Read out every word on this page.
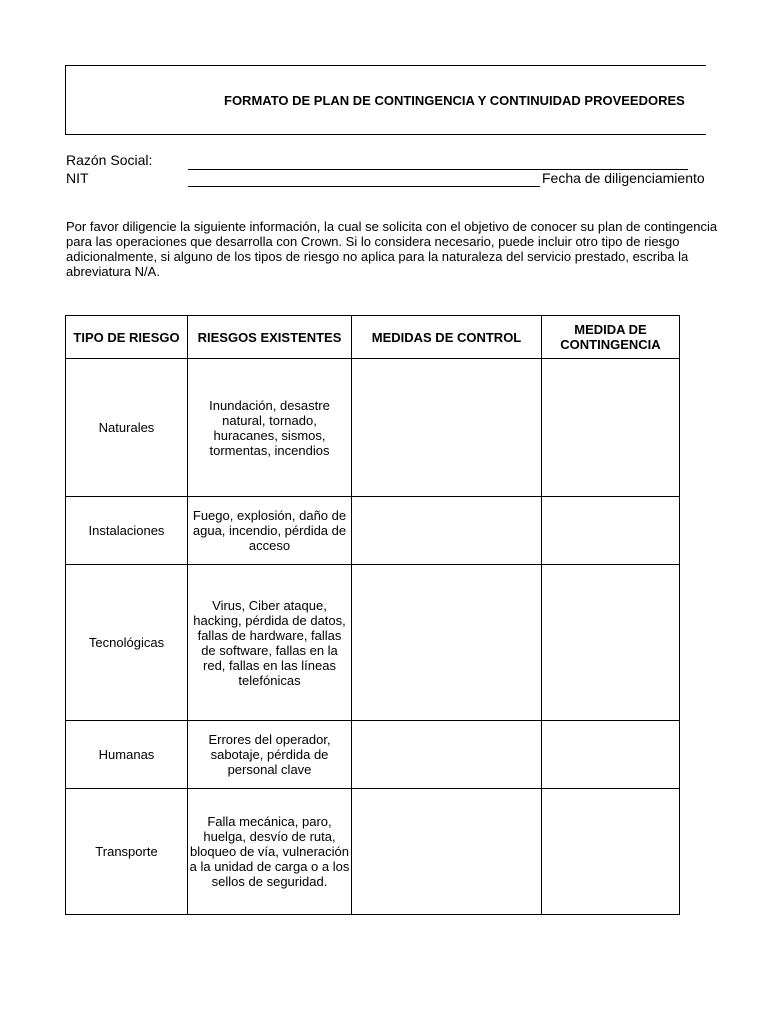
FORMATO DE PLAN DE CONTINGENCIA Y CONTINUIDAD PROVEEDORES
Razón Social:
NIT	Fecha de diligenciamiento
Por favor diligencie la siguiente información, la cual se solicita con el objetivo de conocer su plan de contingencia
para las operaciones que desarrolla con Crown. Si lo considera necesario, puede incluir otro tipo de riesgo
adicionalmente, si alguno de los tipos de riesgo no aplica para la naturaleza del servicio prestado, escriba la
abreviatura N/A.
TIPO DE RIESGO	RIESGOS EXISTENTES	MEDIDAS DE CONTROL	MEDIDA DE CONTINGENCIA
Naturales	Inundación, desastre natural, tornado, huracanes, sismos, tormentas, incendios		
Instalaciones	Fuego, explosión, daño de agua, incendio, pérdida de acceso		
Tecnológicas	Virus, Ciber ataque, hacking, pérdida de datos, fallas de hardware, fallas de software, fallas en la red, fallas en las líneas telefónicas		
Humanas	Errores del operador, sabotaje, pérdida de personal clave		
Transporte	Falla mecánica, paro, huelga, desvío de ruta, bloqueo de vía, vulneración a la unidad de carga o a los sellos de seguridad.		
